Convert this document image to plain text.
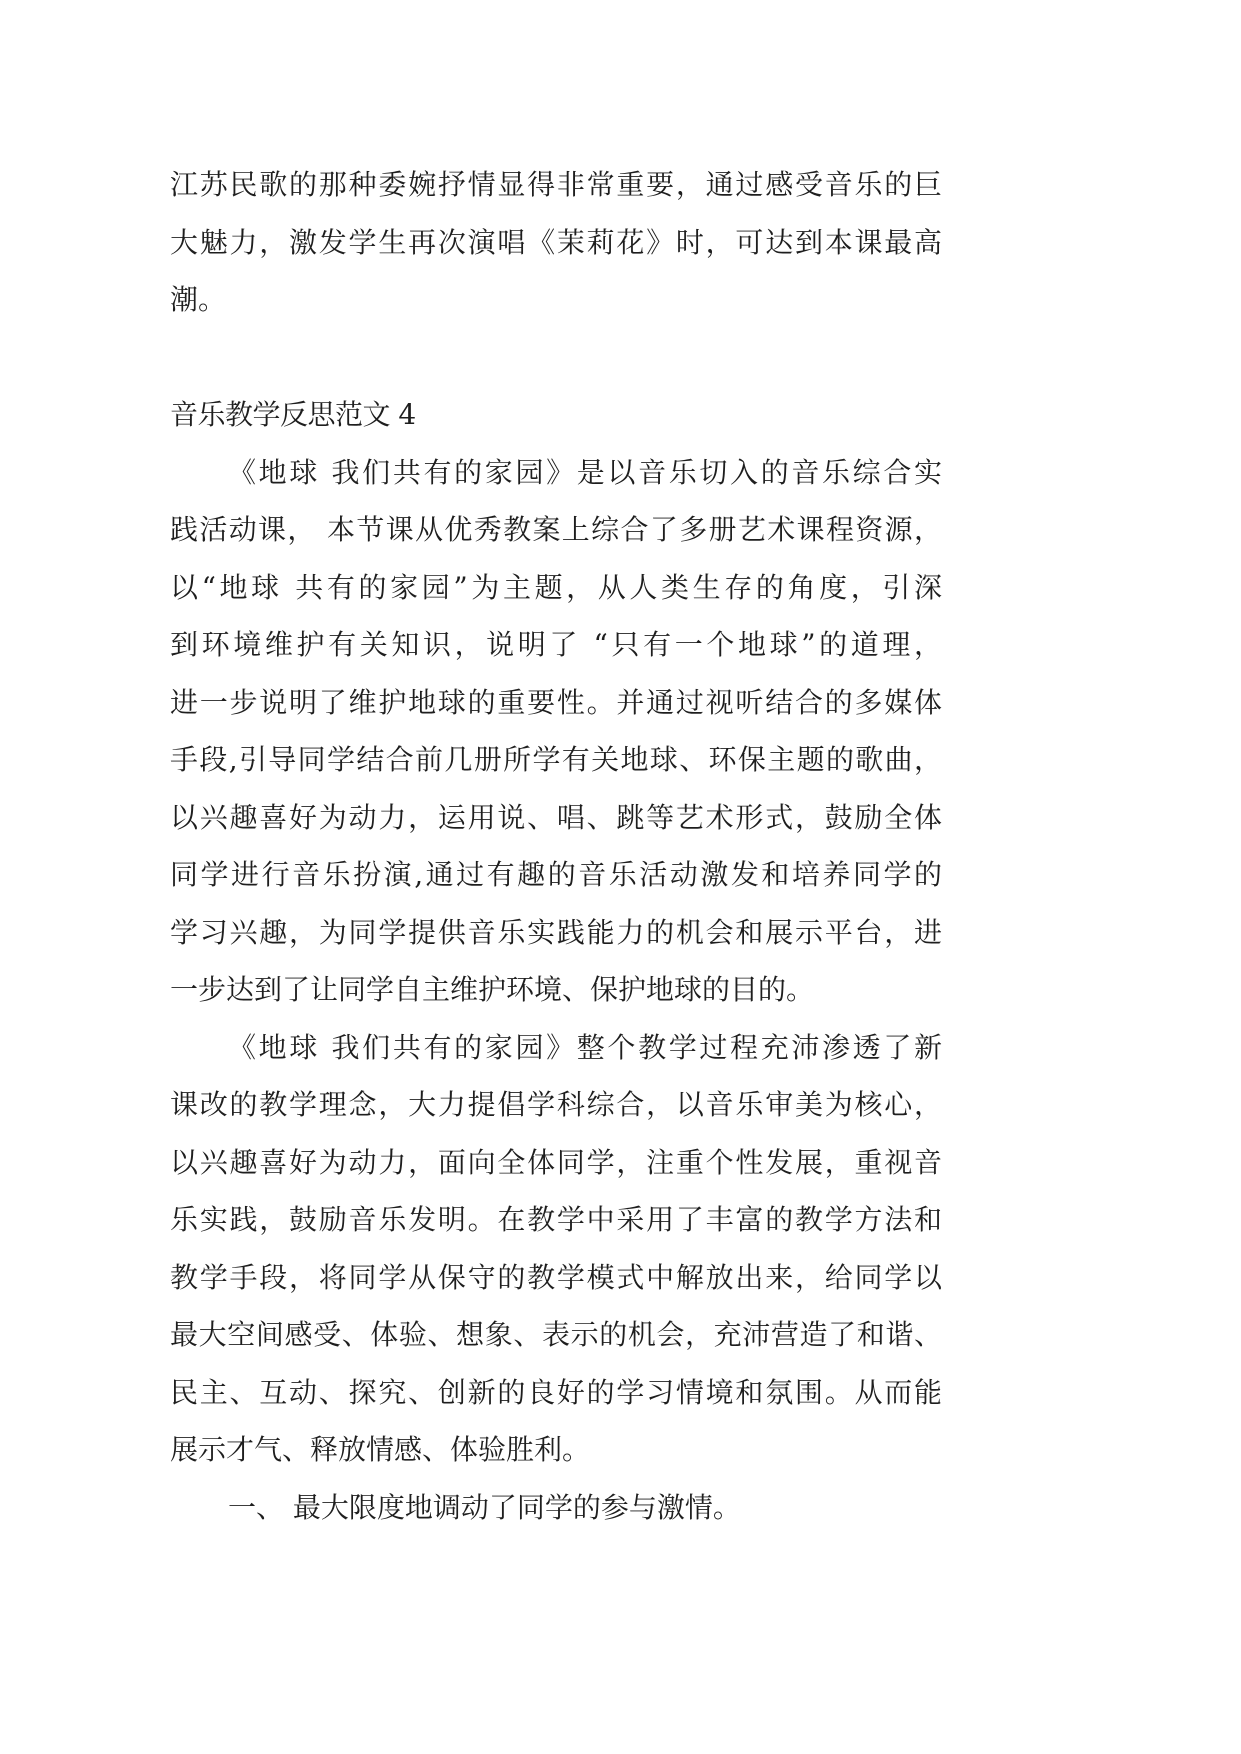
江苏民歌的那种委婉抒情显得非常重要，通过感受音乐的巨
大魅力，激发学生再次演唱《茉莉花》时，可达到本课最高
潮。
音乐教学反思范文 4
《地球 我们共有的家园》是以音乐切入的音乐综合实
践活动课， 本节课从优秀教案上综合了多册艺术课程资源，
以“地球 共有的家园”为主题，从人类生存的角度，引深
到环境维护有关知识，说明了 “只有一个地球”的道理，
进一步说明了维护地球的重要性。并通过视听结合的多媒体
手段,引导同学结合前几册所学有关地球、环保主题的歌曲，
以兴趣喜好为动力，运用说、唱、跳等艺术形式，鼓励全体
同学进行音乐扮演,通过有趣的音乐活动激发和培养同学的
学习兴趣，为同学提供音乐实践能力的机会和展示平台，进
一步达到了让同学自主维护环境、保护地球的目的。
《地球 我们共有的家园》整个教学过程充沛渗透了新
课改的教学理念，大力提倡学科综合，以音乐审美为核心，
以兴趣喜好为动力，面向全体同学，注重个性发展，重视音
乐实践，鼓励音乐发明。在教学中采用了丰富的教学方法和
教学手段，将同学从保守的教学模式中解放出来，给同学以
最大空间感受、体验、想象、表示的机会，充沛营造了和谐、
民主、互动、探究、创新的良好的学习情境和氛围。从而能
展示才气、释放情感、体验胜利。
一、 最大限度地调动了同学的参与激情。
